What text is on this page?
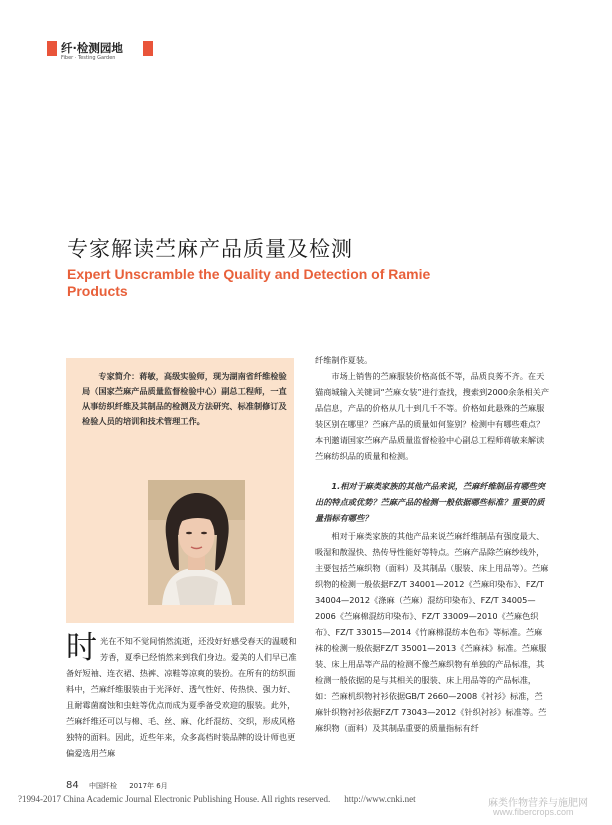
纤·检测园地
Fiber · Testing Garden
专家解读苎麻产品质量及检测
Expert Unscramble the Quality and Detection of Ramie Products
专家简介：蒋敏，高级实验师，现为湖南省纤维检验局（国家苎麻产品质量监督检验中心）副总工程师，一直从事纺织纤维及其制品的检测及方法研究、标准制修订及检验人员的培训和技术管理工作。
时光在不知不觉间悄然流逝，还没好好感受春天的温暖和芳香，夏季已经悄然来到我们身边。爱美的人们早已准备好短袖、连衣裙、热裤、凉鞋等凉爽的装扮。在所有的纺织面料中，苎麻纤维服装由于光泽好、透气性好、传热快、强力好、且耐霉菌腐蚀和虫蛀等优点而成为夏季备受欢迎的服装。此外，苎麻纤维还可以与棉、毛、丝、麻、化纤混纺、交织，形成风格独特的面料。因此，近些年来，众多高档时装品牌的设计师也更偏爱选用苎麻

纤维制作夏装。

市场上销售的苎麻服装价格高低不等，品质良莠不齐。在天猫商城输入关键词“苎麻女装”进行查找，搜索到2000余条相关产品信息，产品的价格从几十到几千不等。价格如此悬殊的苎麻服装区别在哪里？苎麻产品的质量如何鉴别？检测中有哪些难点？本刊邀请国家苎麻产品质量监督检验中心副总工程师蒋敏来解读苎麻纺织品的质量和检测。

1.相对于麻类家族的其他产品来说，苎麻纤维制品有哪些突出的特点或优势？苎麻产品的检测一般依据哪些标准？重要的质量指标有哪些？

相对于麻类家族的其他产品来说苎麻纤维制品有强度最大、吸湿和散湿快、热传导性能好等特点。苎麻产品除苎麻纱线外，主要包括苎麻织物（面料）及其制品（服装、床上用品等）。苎麻织物的检测一般依据FZ/T 34001—2012《苎麻印染布》、FZ/T 34004—2012《涤麻（苎麻）混纺印染布》、FZ/T 34005—2006《苎麻棉混纺印染布》、FZ/T 33009—2010《苎麻色织布》、FZ/T 33015—2014《竹麻棉混纺本色布》等标准。苎麻袜的检测一般依据FZ/T 35001—2013《苎麻袜》标准。苎麻服装、床上用品等产品的检测不像苎麻织物有单独的产品标准，其检测一般依据的是与其相关的服装、床上用品等的产品标准，如：苎麻机织物衬衫依据GB/T 2660—2008《衬衫》标准，苎麻针织物衬衫依据FZ/T 73043—2012《针织衬衫》标准等。苎麻织物（面料）及其制品重要的质量指标有纤

84 中国纤检 2017年 6月
?1994-2017 China Academic Journal Electronic Publishing House. All rights reserved. http://www.cnki.net	麻类作物营养与施肥网
www.fibercrops.com
